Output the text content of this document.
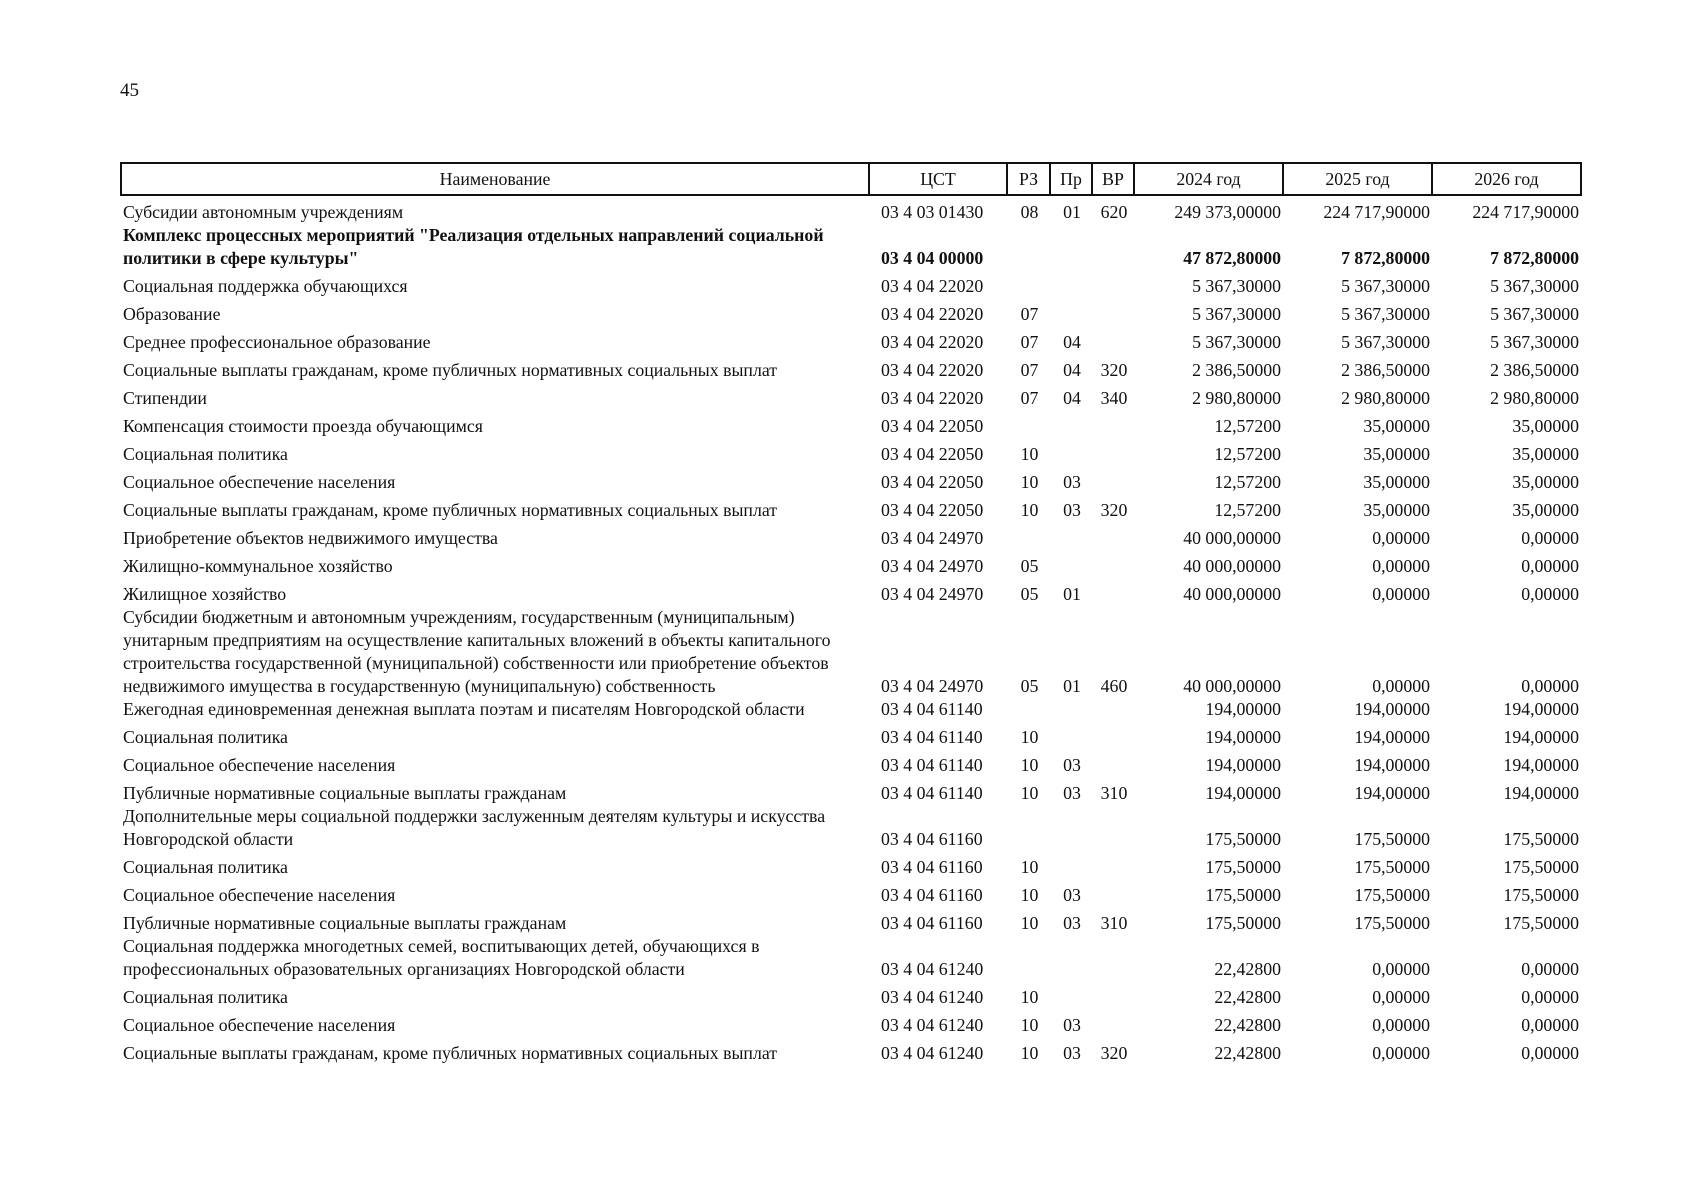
45
Наименование	ЦСТ	РЗ	Пр	ВР	2024 год	2025 год	2026 год
Субсидии автономным учреждениям	03 4 03 01430	08	01	620	249 373,00000	224 717,90000	224 717,90000
Комплекс процессных мероприятий "Реализация отдельных направлений социальной политики в сфере культуры"	03 4 04 00000				47 872,80000	7 872,80000	7 872,80000
Социальная поддержка обучающихся	03 4 04 22020				5 367,30000	5 367,30000	5 367,30000
Образование	03 4 04 22020	07			5 367,30000	5 367,30000	5 367,30000
Среднее профессиональное образование	03 4 04 22020	07	04		5 367,30000	5 367,30000	5 367,30000
Социальные выплаты гражданам, кроме публичных нормативных социальных выплат	03 4 04 22020	07	04	320	2 386,50000	2 386,50000	2 386,50000
Стипендии	03 4 04 22020	07	04	340	2 980,80000	2 980,80000	2 980,80000
Компенсация стоимости проезда обучающимся	03 4 04 22050				12,57200	35,00000	35,00000
Социальная политика	03 4 04 22050	10			12,57200	35,00000	35,00000
Социальное обеспечение населения	03 4 04 22050	10	03		12,57200	35,00000	35,00000
Социальные выплаты гражданам, кроме публичных нормативных социальных выплат	03 4 04 22050	10	03	320	12,57200	35,00000	35,00000
Приобретение объектов недвижимого имущества	03 4 04 24970				40 000,00000	0,00000	0,00000
Жилищно-коммунальное хозяйство	03 4 04 24970	05			40 000,00000	0,00000	0,00000
Жилищное хозяйство	03 4 04 24970	05	01		40 000,00000	0,00000	0,00000
Субсидии бюджетным и автономным учреждениям, государственным (муниципальным) унитарным предприятиям на осуществление капитальных вложений в объекты капитального строительства государственной (муниципальной) собственности или приобретение объектов недвижимого имущества в государственную (муниципальную) собственность	03 4 04 24970	05	01	460	40 000,00000	0,00000	0,00000
Ежегодная единовременная денежная выплата поэтам и писателям Новгородской области	03 4 04 61140				194,00000	194,00000	194,00000
Социальная политика	03 4 04 61140	10			194,00000	194,00000	194,00000
Социальное обеспечение населения	03 4 04 61140	10	03		194,00000	194,00000	194,00000
Публичные нормативные социальные выплаты гражданам	03 4 04 61140	10	03	310	194,00000	194,00000	194,00000
Дополнительные меры социальной поддержки заслуженным деятелям культуры и искусства Новгородской области	03 4 04 61160				175,50000	175,50000	175,50000
Социальная политика	03 4 04 61160	10			175,50000	175,50000	175,50000
Социальное обеспечение населения	03 4 04 61160	10	03		175,50000	175,50000	175,50000
Публичные нормативные социальные выплаты гражданам	03 4 04 61160	10	03	310	175,50000	175,50000	175,50000
Социальная поддержка многодетных семей, воспитывающих детей, обучающихся в профессиональных образовательных организациях Новгородской области	03 4 04 61240				22,42800	0,00000	0,00000
Социальная политика	03 4 04 61240	10			22,42800	0,00000	0,00000
Социальное обеспечение населения	03 4 04 61240	10	03		22,42800	0,00000	0,00000
Социальные выплаты гражданам, кроме публичных нормативных социальных выплат	03 4 04 61240	10	03	320	22,42800	0,00000	0,00000
